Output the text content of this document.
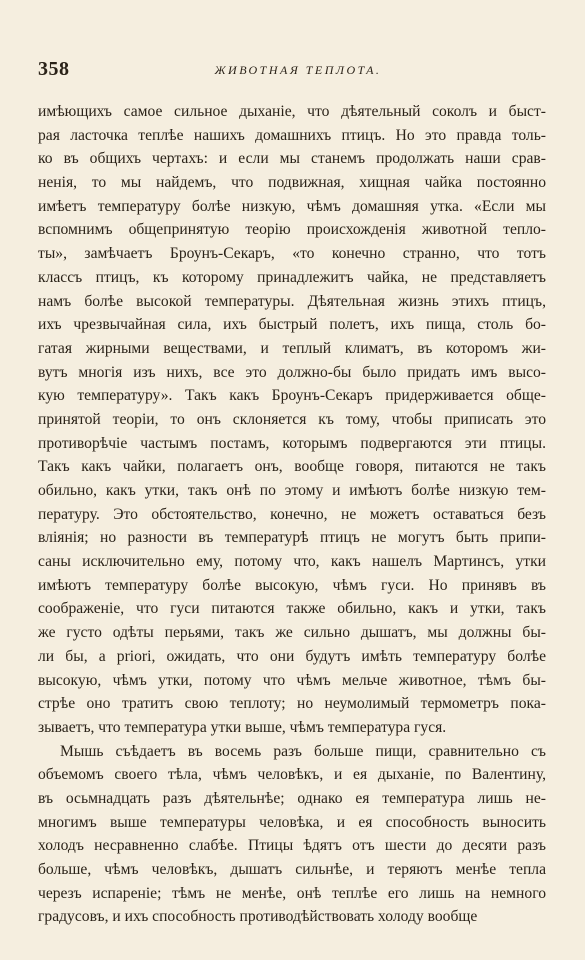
358	ЖИВОТНАЯ ТЕПЛОТА.
имѣющихъ самое сильное дыханіе, что дѣятельный соколъ и быст-
рая ласточка теплѣе нашихъ домашнихъ птицъ. Но это правда толь-
ко въ общихъ чертахъ: и если мы станемъ продолжать наши срав-
ненія, то мы найдемъ, что подвижная, хищная чайка постоянно
имѣетъ температуру болѣе низкую, чѣмъ домашняя утка. «Если мы
вспомнимъ общепринятую теорію происхожденія животной тепло-
ты», замѣчаетъ Броунъ-Секаръ, «то конечно странно, что тотъ
классъ птицъ, къ которому принадлежитъ чайка, не представляетъ
намъ болѣе высокой температуры. Дѣятельная жизнь этихъ птицъ,
ихъ чрезвычайная сила, ихъ быстрый полетъ, ихъ пища, столь бо-
гатая жирными веществами, и теплый климатъ, въ которомъ жи-
вутъ многія изъ нихъ, все это должно-бы было придать имъ высо-
кую температуру». Такъ какъ Броунъ-Секаръ придерживается обще-
принятой теоріи, то онъ склоняется къ тому, чтобы приписать это
противорѣчіе частымъ постамъ, которымъ подвергаются эти птицы.
Такъ какъ чайки, полагаетъ онъ, вообще говоря, питаются не такъ
обильно, какъ утки, такъ онѣ по этому и имѣютъ болѣе низкую тем-
пературу. Это обстоятельство, конечно, не можетъ оставаться безъ
вліянія; но разности въ температурѣ птицъ не могутъ быть припи-
саны исключительно ему, потому что, какъ нашелъ Мартинсъ, утки
имѣютъ температуру болѣе высокую, чѣмъ гуси. Но принявъ въ
соображеніе, что гуси питаются также обильно, какъ и утки, такъ
же густо одѣты перьями, такъ же сильно дышатъ, мы должны бы-
ли бы, a priori, ожидать, что они будутъ имѣть температуру болѣе
высокую, чѣмъ утки, потому что чѣмъ мельче животное, тѣмъ бы-
стрѣе оно тратитъ свою теплоту; но неумолимый термометръ пока-
зываетъ, что температура утки выше, чѣмъ температура гуся.
Мышь съѣдаетъ въ восемь разъ больше пищи, сравнительно съ
объемомъ своего тѣла, чѣмъ человѣкъ, и ея дыханіе, по Валентину,
въ осьмнадцать разъ дѣятельнѣе; однако ея температура лишь не-
многимъ выше температуры человѣка, и ея способность выносить
холодъ несравненно слабѣе. Птицы ѣдятъ отъ шести до десяти разъ
больше, чѣмъ человѣкъ, дышатъ сильнѣе, и теряютъ менѣе тепла
черезъ испареніе; тѣмъ не менѣе, онѣ теплѣе его лишь на немного
градусовъ, и ихъ способность противодѣйствовать холоду вообще
